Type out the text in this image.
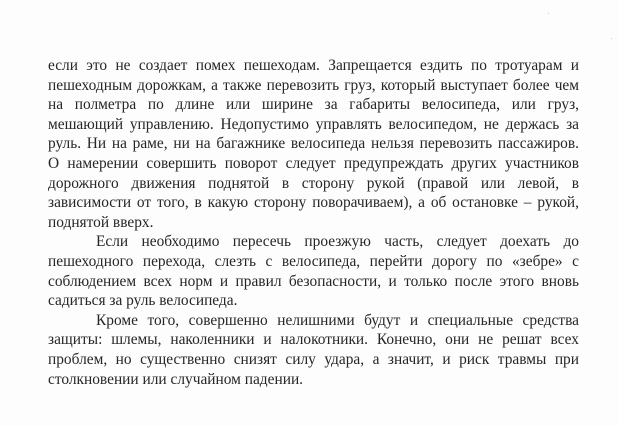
если это не создает помех пешеходам. Запрещается ездить по тротуарам и
пешеходным дорожкам, а также перевозить груз, который выступает более чем
на полметра по длине или ширине за габариты велосипеда, или груз,
мешающий управлению. Недопустимо управлять велосипедом, не держась за
руль. Ни на раме, ни на багажнике велосипеда нельзя перевозить пассажиров.
О намерении совершить поворот следует предупреждать других участников
дорожного движения поднятой в сторону рукой (правой или левой, в
зависимости от того, в какую сторону поворачиваем), а об остановке – рукой,
поднятой вверх.

Если необходимо пересечь проезжую часть, следует доехать до
пешеходного перехода, слезть с велосипеда, перейти дорогу по «зебре» с
соблюдением всех норм и правил безопасности, и только после этого вновь
садиться за руль велосипеда.

Кроме того, совершенно нелишними будут и специальные средства
защиты: шлемы, наколенники и налокотники. Конечно, они не решат всех
проблем, но существенно снизят силу удара, а значит, и риск травмы при
столкновении или случайном падении.
